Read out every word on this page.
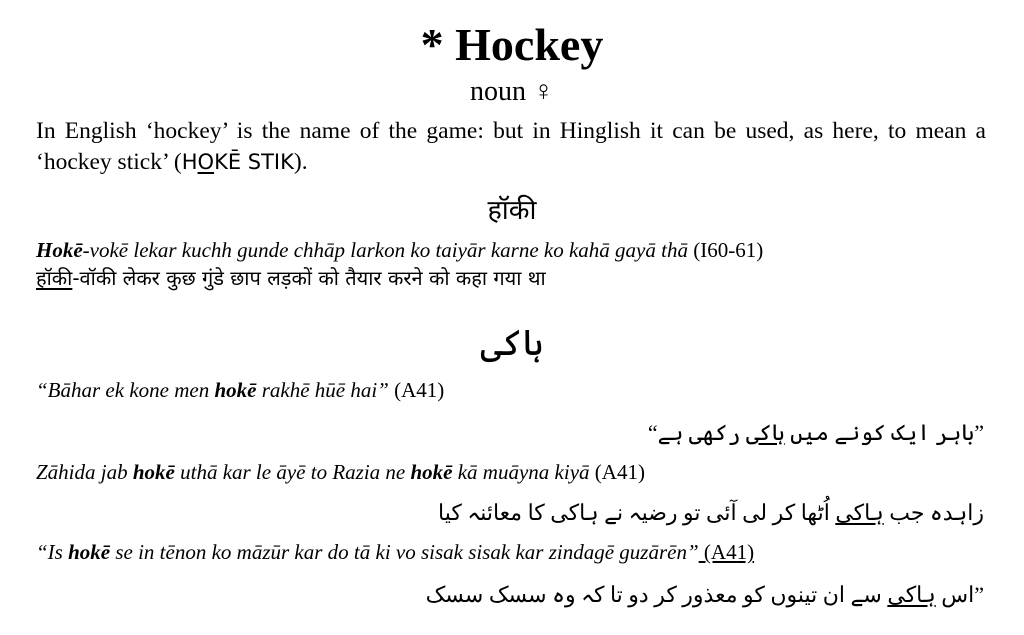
* Hockey
noun ♀
In English ‘hockey’ is the name of the game: but in Hinglish it can be used, as here, to mean a ‘hockey stick’ (HOKĒ STIK).
हॉकी
Hokē-vokē lekar kuchh gunde chhāp larkon ko taiyār karne ko kahā gayā thā (I60-61)
हॉकी-वॉकी लेकर कुछ गुंडे छाप लड़कों को तैयार करने को कहा गया था
ہاکی
“Bāhar ek kone men hokē rakhē hūē hai” (A41)
”باہر ایک کونے میں ہاکی رکھی ہے“
Zāhida jab hokē uthā kar le āyē to Razia ne hokē kā muāyna kiyā (A41)
زاہدہ جب ہاکی اُٹھا کر لی آئی تو رضیہ نے ہاکی کا معائنہ کیا
“Is hokē se in tēnon ko māzūr kar do tā ki vo sisak sisak kar zindagē guzārēn” (A41)
”اس ہاکی سے ان تینوں کو معذور کر دو تا کہ وہ سسک سسک
